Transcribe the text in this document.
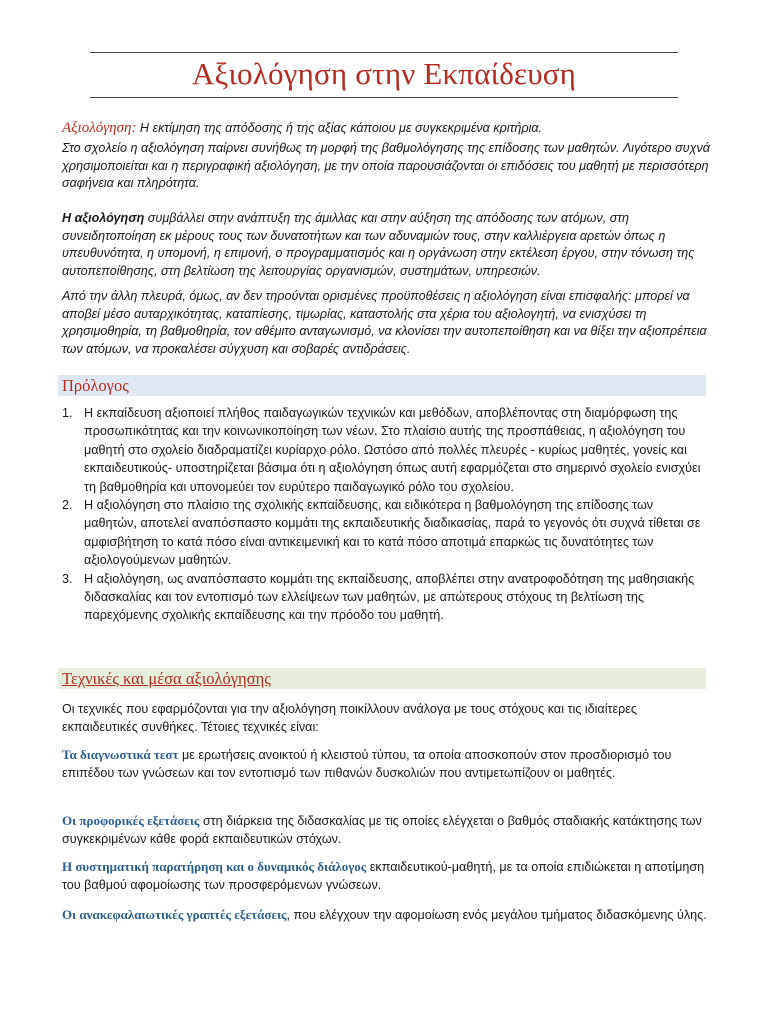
Αξιολόγηση στην Εκπαίδευση
Αξιολόγηση: Η εκτίμηση της απόδοσης ή της αξίας κάποιου με συγκεκριμένα κριτήρια.
Στο σχολείο η αξιολόγηση παίρνει συνήθως τη μορφή της βαθμολόγησης της επίδοσης των μαθητών. Λιγότερο συχνά χρησιμοποιείται και η περιγραφική αξιολόγηση, με την οποία παρουσιάζονται οι επιδόσεις του μαθητή με περισσότερη σαφήνεια και πληρότητα.
Η αξιολόγηση συμβάλλει στην ανάπτυξη της άμιλλας και στην αύξηση της απόδοσης των ατόμων, στη συνειδητοποίηση εκ μέρους τους των δυνατοτήτων και των αδυναμιών τους, στην καλλιέργεια αρετών όπως η υπευθυνότητα, η υπομονή, η επιμονή, ο προγραμματισμός και η οργάνωση στην εκτέλεση έργου, στην τόνωση της αυτοπεποίθησης, στη βελτίωση της λειτουργίας οργανισμών, συστημάτων, υπηρεσιών.
Από την άλλη πλευρά, όμως, αν δεν τηρούνται ορισμένες προϋποθέσεις η αξιολόγηση είναι επισφαλής: μπορεί να αποβεί μέσο αυταρχικότητας, καταπίεσης, τιμωρίας, καταστολής στα χέρια του αξιολογητή, να ενισχύσει τη χρησιμοθηρία, τη βαθμοθηρία, τον αθέμιτο ανταγωνισμό, να κλονίσει την αυτοπεποίθηση και να θίξει την αξιοπρέπεια των ατόμων, να προκαλέσει σύγχυση και σοβαρές αντιδράσεις.
Πρόλογος
1. Η εκπαίδευση αξιοποιεί πλήθος παιδαγωγικών τεχνικών και μεθόδων, αποβλέποντας στη διαμόρφωση της προσωπικότητας και την κοινωνικοποίηση των νέων. Στο πλαίσιο αυτής της προσπάθειας, η αξιολόγηση του μαθητή στο σχολείο διαδραματίζει κυρίαρχο ρόλο. Ωστόσο από πολλές πλευρές - κυρίως μαθητές, γονείς και εκπαιδευτικούς- υποστηρίζεται βάσιμα ότι η αξιολόγηση όπως αυτή εφαρμόζεται στο σημερινό σχολείο ενισχύει τη βαθμοθηρία και υπονομεύει τον ευρύτερο παιδαγωγικό ρόλο του σχολείου.
2. Η αξιολόγηση στο πλαίσιο της σχολικής εκπαίδευσης, και ειδικότερα η βαθμολόγηση της επίδοσης των μαθητών, αποτελεί αναπόσπαστο κομμάτι της εκπαιδευτικής διαδικασίας, παρά το γεγονός ότι συχνά τίθεται σε αμφισβήτηση το κατά πόσο είναι αντικειμενική και το κατά πόσο αποτιμά επαρκώς τις δυνατότητες των αξιολογούμενων μαθητών.
3. Η αξιολόγηση, ως αναπόσπαστο κομμάτι της εκπαίδευσης, αποβλέπει στην ανατροφοδότηση της μαθησιακής διδασκαλίας και τον εντοπισμό των ελλείψεων των μαθητών, με απώτερους στόχους τη βελτίωση της παρεχόμενης σχολικής εκπαίδευσης και την πρόοδο του μαθητή.
Τεχνικές και μέσα αξιολόγησης
Οι τεχνικές που εφαρμόζονται για την αξιολόγηση ποικίλλουν ανάλογα με τους στόχους και τις ιδιαίτερες εκπαιδευτικές συνθήκες. Τέτοιες τεχνικές είναι:
Τα διαγνωστικά τεστ με ερωτήσεις ανοικτού ή κλειστού τύπου, τα οποία αποσκοπούν στον προσδιορισμό του επιπέδου των γνώσεων και τον εντοπισμό των πιθανών δυσκολιών που αντιμετωπίζουν οι μαθητές.
Οι προφορικές εξετάσεις στη διάρκεια της διδασκαλίας με τις οποίες ελέγχεται ο βαθμός σταδιακής κατάκτησης των συγκεκριμένων κάθε φορά εκπαιδευτικών στόχων.
Η συστηματική παρατήρηση και ο δυναμικός διάλογος εκπαιδευτικού-μαθητή, με τα οποία επιδιώκεται η αποτίμηση του βαθμού αφομοίωσης των προσφερόμενων γνώσεων.
Οι ανακεφαλαιωτικές γραπτές εξετάσεις, που ελέγχουν την αφομοίωση ενός μεγάλου τμήματος διδασκόμενης ύλης.
